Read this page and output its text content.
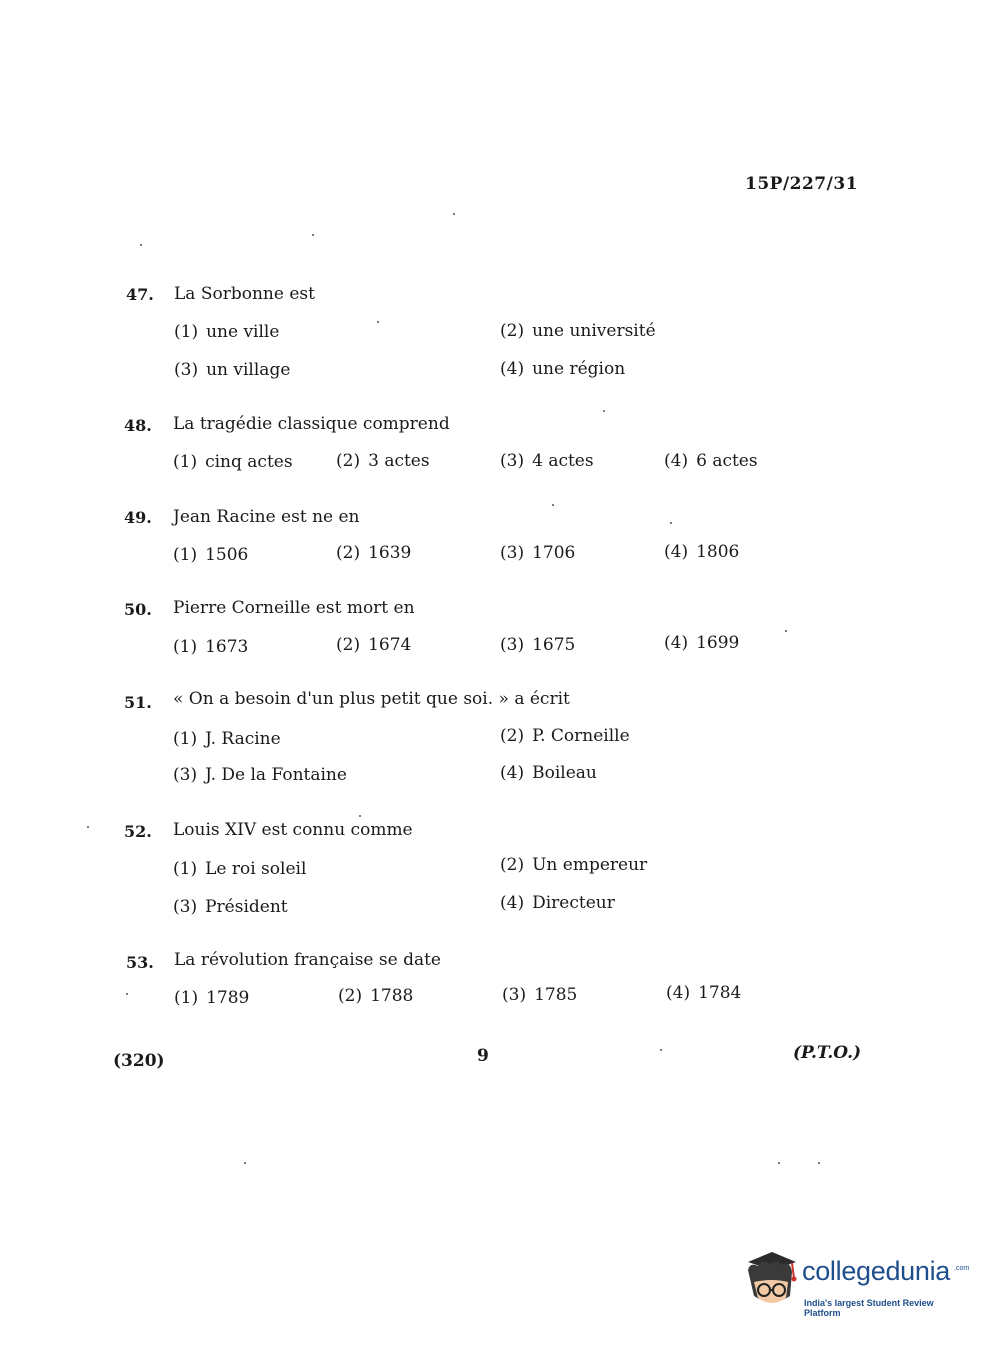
15P/227/31
47. La Sorbonne est
(1) une ville	(2) une université
(3) un village	(4) une région
48. La tragédie classique comprend
(1) cinq actes	(2) 3 actes	(3) 4 actes	(4) 6 actes
49. Jean Racine est ne en
(1) 1506	(2) 1639	(3) 1706	(4) 1806
50. Pierre Corneille est mort en
(1) 1673	(2) 1674	(3) 1675	(4) 1699
51. « On a besoin d'un plus petit que soi. » a écrit
(1) J. Racine	(2) P. Corneille
(3) J. De la Fontaine	(4) Boileau
52. Louis XIV est connu comme
(1) Le roi soleil	(2) Un empereur
(3) Président	(4) Directeur
53. La révolution française se date
(1) 1789	(2) 1788	(3) 1785	(4) 1784
(320)	9	(P.T.O.)
collegedunia .com
India's largest Student Review Platform
